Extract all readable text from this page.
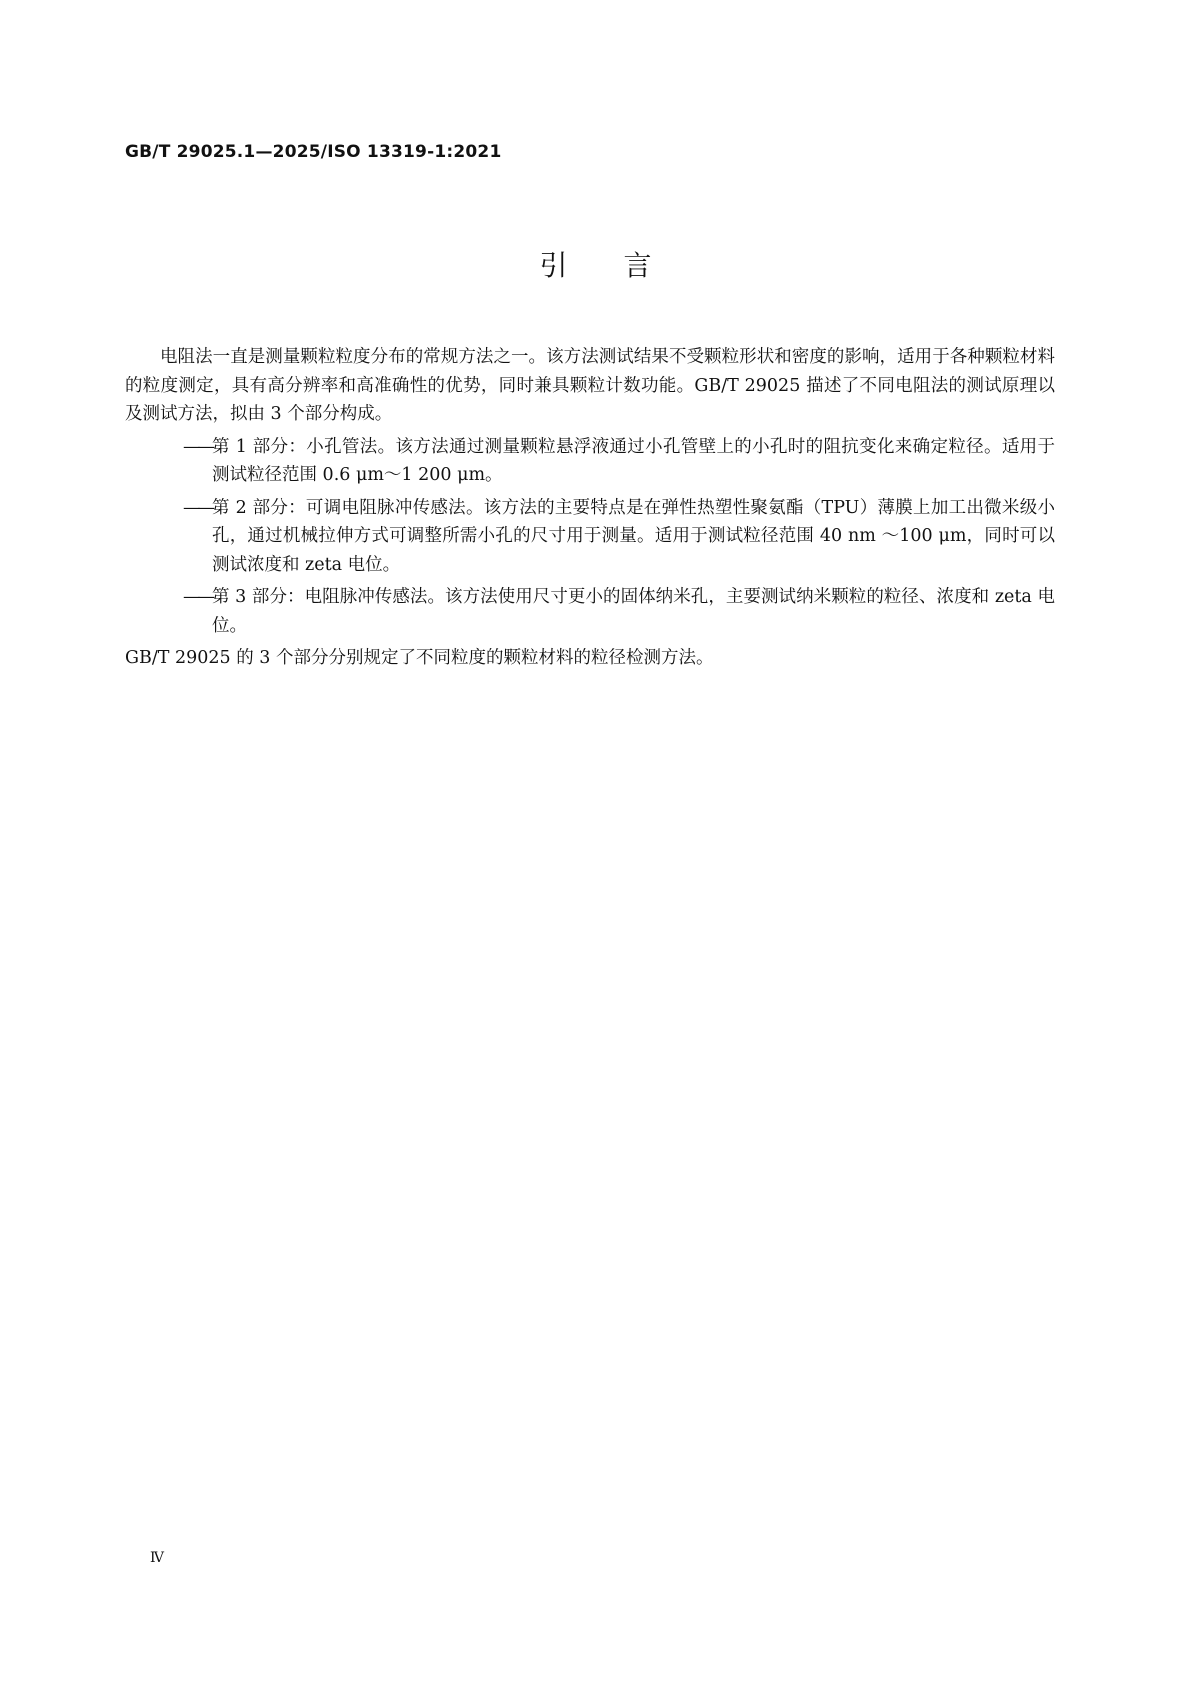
GB/T 29025.1—2025/ISO 13319-1:2021
引言

电阻法一直是测量颗粒粒度分布的常规方法之一。该方法测试结果不受颗粒形状和密度的影响，适用于各种颗粒材料的粒度测定，具有高分辨率和高准确性的优势，同时兼具颗粒计数功能。GB/T 29025 描述了不同电阻法的测试原理以及测试方法，拟由 3 个部分构成。

—— 第 1 部分：小孔管法。该方法通过测量颗粒悬浮液通过小孔管壁上的小孔时的阻抗变化来确定粒径。适用于测试粒径范围 0.6 μm～1 200 μm。
—— 第 2 部分：可调电阻脉冲传感法。该方法的主要特点是在弹性热塑性聚氨酯（TPU）薄膜上加工出微米级小孔，通过机械拉伸方式可调整所需小孔的尺寸用于测量。适用于测试粒径范围 40 nm ～100 μm，同时可以测试浓度和 zeta 电位。
—— 第 3 部分：电阻脉冲传感法。该方法使用尺寸更小的固体纳米孔，主要测试纳米颗粒的粒径、浓度和 zeta 电位。

GB/T 29025 的 3 个部分分别规定了不同粒度的颗粒材料的粒径检测方法。

Ⅳ
